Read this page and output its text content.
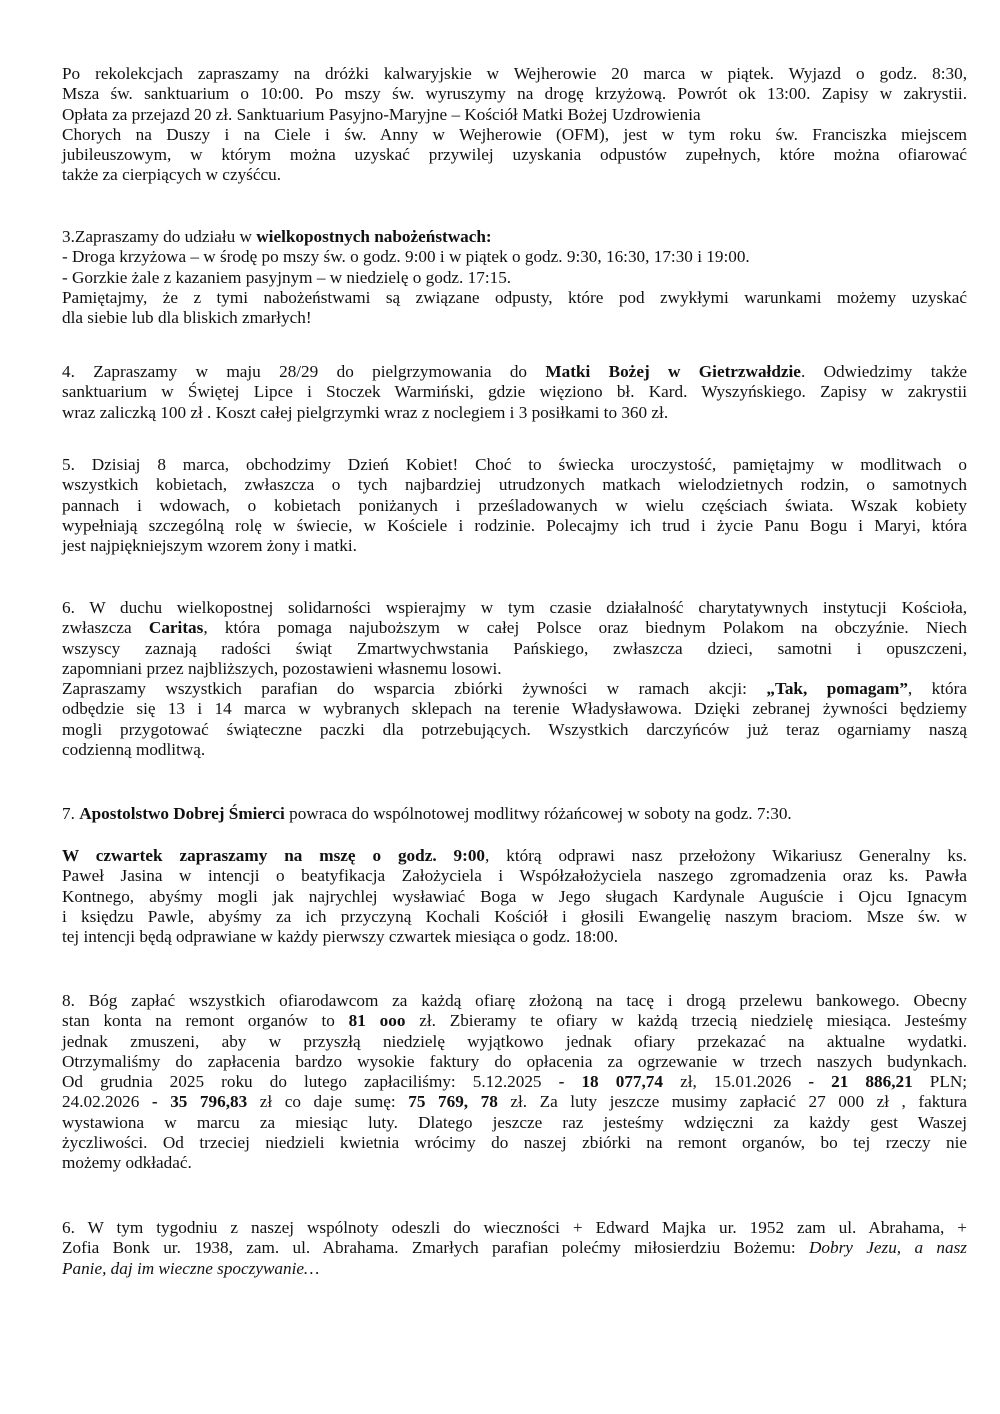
Po rekolekcjach zapraszamy na dróżki kalwaryjskie w Wejherowie 20 marca w piątek. Wyjazd o godz. 8:30,
Msza św. sanktuarium o 10:00. Po mszy św. wyruszymy na drogę krzyżową. Powrót ok 13:00. Zapisy w zakrystii.
Opłata za przejazd 20 zł. Sanktuarium Pasyjno-Maryjne – Kościół Matki Bożej Uzdrowienia
Chorych na Duszy i na Ciele i św. Anny w Wejherowie (OFM), jest w tym roku św. Franciszka miejscem
jubileuszowym, w którym można uzyskać przywilej uzyskania odpustów zupełnych, które można ofiarować
także za cierpiących w czyśćcu.
3.Zapraszamy do udziału w wielkopostnych nabożeństwach:
- Droga krzyżowa – w środę po mszy św. o godz. 9:00 i w piątek o godz. 9:30, 16:30, 17:30 i 19:00.
- Gorzkie żale z kazaniem pasyjnym – w niedzielę o godz. 17:15.
Pamiętajmy, że z tymi nabożeństwami są związane odpusty, które pod zwykłymi warunkami możemy uzyskać
dla siebie lub dla bliskich zmarłych!
4. Zapraszamy w maju 28/29 do pielgrzymowania do Matki Bożej w Gietrzwałdzie. Odwiedzimy także
sanktuarium w Świętej Lipce i Stoczek Warmiński, gdzie więziono bł. Kard. Wyszyńskiego. Zapisy w zakrystii
wraz zaliczką 100 zł . Koszt całej pielgrzymki wraz z noclegiem i 3 posiłkami to 360 zł.
5. Dzisiaj 8 marca, obchodzimy Dzień Kobiet! Choć to świecka uroczystość, pamiętajmy w modlitwach o
wszystkich kobietach, zwłaszcza o tych najbardziej utrudzonych matkach wielodzietnych rodzin, o samotnych
pannach i wdowach, o kobietach poniżanych i prześladowanych w wielu częściach świata. Wszak kobiety
wypełniają szczególną rolę w świecie, w Kościele i rodzinie. Polecajmy ich trud i życie Panu Bogu i Maryi, która
jest najpiękniejszym wzorem żony i matki.
6. W duchu wielkopostnej solidarności wspierajmy w tym czasie działalność charytatywnych instytucji Kościoła,
zwłaszcza Caritas, która pomaga najuboższym w całej Polsce oraz biednym Polakom na obczyźnie. Niech
wszyscy zaznają radości świąt Zmartwychwstania Pańskiego, zwłaszcza dzieci, samotni i opuszczeni,
zapomniani przez najbliższych, pozostawieni własnemu losowi.
Zapraszamy wszystkich parafian do wsparcia zbiórki żywności w ramach akcji: „Tak, pomagam”, która
odbędzie się 13 i 14 marca w wybranych sklepach na terenie Władysławowa. Dzięki zebranej żywności będziemy
mogli przygotować świąteczne paczki dla potrzebujących. Wszystkich darczyńców już teraz ogarniamy naszą
codzienną modlitwą.
7. Apostolstwo Dobrej Śmierci powraca do wspólnotowej modlitwy różańcowej w soboty na godz. 7:30.
W czwartek zapraszamy na mszę o godz. 9:00, którą odprawi nasz przełożony Wikariusz Generalny ks.
Paweł Jasina w intencji o beatyfikacja Założyciela i Współzałożyciela naszego zgromadzenia oraz ks. Pawła
Kontnego, abyśmy mogli jak najrychlej wysławiać Boga w Jego sługach Kardynale Auguście i Ojcu Ignacym
i księdzu Pawle, abyśmy za ich przyczyną Kochali Kościół i głosili Ewangelię naszym braciom. Msze św. w
tej intencji będą odprawiane w każdy pierwszy czwartek miesiąca o godz. 18:00.
8. Bóg zapłać wszystkich ofiarodawcom za każdą ofiarę złożoną na tacę i drogą przelewu bankowego. Obecny
stan konta na remont organów to 81 ooo zł. Zbieramy te ofiary w każdą trzecią niedzielę miesiąca. Jesteśmy
jednak zmuszeni, aby w przyszłą niedzielę wyjątkowo jednak ofiary przekazać na aktualne wydatki.
Otrzymaliśmy do zapłacenia bardzo wysokie faktury do opłacenia za ogrzewanie w trzech naszych budynkach.
Od grudnia 2025 roku do lutego zapłaciliśmy: 5.12.2025 - 18 077,74 zł, 15.01.2026 - 21 886,21 PLN;
24.02.2026 - 35 796,83 zł co daje sumę: 75 769, 78 zł. Za luty jeszcze musimy zapłacić 27 000 zł , faktura
wystawiona w marcu za miesiąc luty. Dlatego jeszcze raz jesteśmy wdzięczni za każdy gest Waszej
życzliwości. Od trzeciej niedzieli kwietnia wrócimy do naszej zbiórki na remont organów, bo tej rzeczy nie
możemy odkładać.
6. W tym tygodniu z naszej wspólnoty odeszli do wieczności + Edward Majka ur. 1952 zam ul. Abrahama, +
Zofia Bonk ur. 1938, zam. ul. Abrahama. Zmarłych parafian polećmy miłosierdziu Bożemu: Dobry Jezu, a nasz
Panie, daj im wieczne spoczywanie…
